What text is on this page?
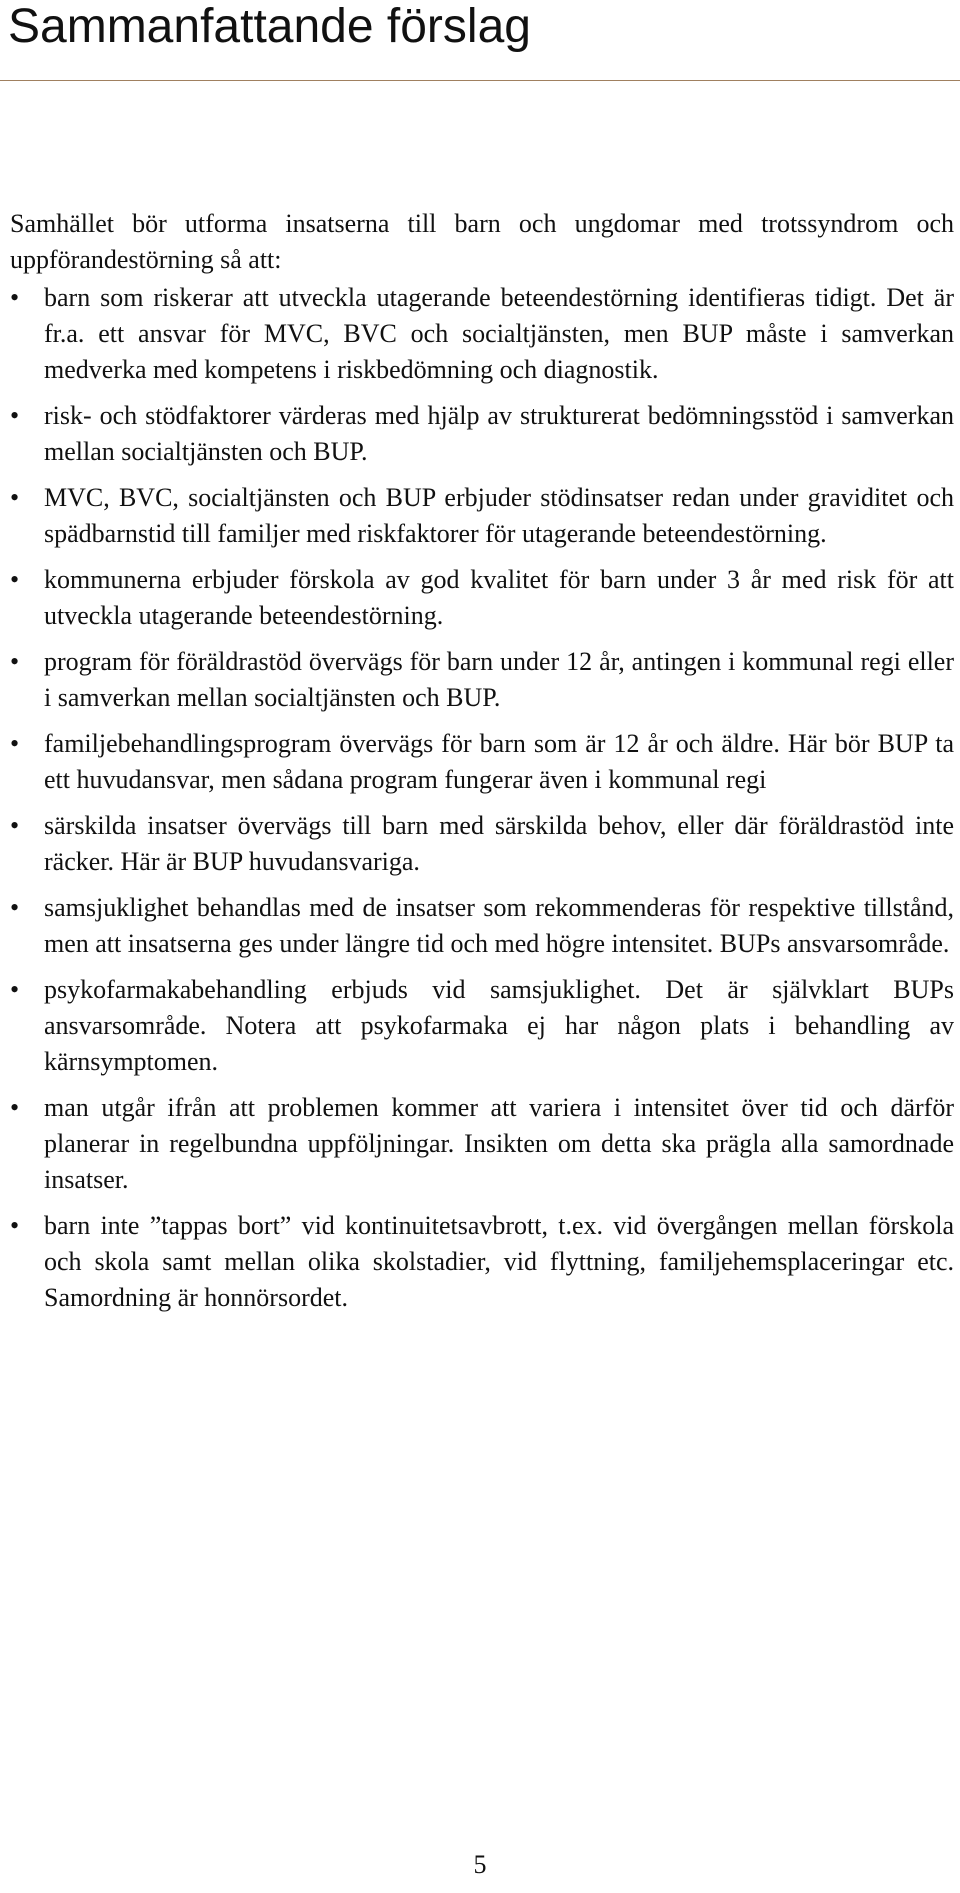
Sammanfattande förslag

Samhället bör utforma insatserna till barn och ungdomar med trotssyndrom och uppförandestörning så att:

• barn som riskerar att utveckla utagerande beteendestörning identifieras tidigt. Det är fr.a. ett ansvar för MVC, BVC och socialtjänsten, men BUP måste i samverkan medverka med kompetens i riskbedömning och diagnostik.
• risk- och stödfaktorer värderas med hjälp av strukturerat bedömningsstöd i samverkan mellan socialtjänsten och BUP.
• MVC, BVC, socialtjänsten och BUP erbjuder stödinsatser redan under graviditet och spädbarnstid till familjer med riskfaktorer för utagerande beteendestörning.
• kommunerna erbjuder förskola av god kvalitet för barn under 3 år med risk för att utveckla utagerande beteendestörning.
• program för föräldrastöd övervägs för barn under 12 år, antingen i kommunal regi eller i samverkan mellan socialtjänsten och BUP.
• familjebehandlingsprogram övervägs för barn som är 12 år och äldre. Här bör BUP ta ett huvudansvar, men sådana program fungerar även i kommunal regi
• särskilda insatser övervägs till barn med särskilda behov, eller där föräldrastöd inte räcker. Här är BUP huvudansvariga.
• samsjuklighet behandlas med de insatser som rekommenderas för respektive tillstånd, men att insatserna ges under längre tid och med högre intensitet. BUPs ansvarsområde.
• psykofarmakabehandling erbjuds vid samsjuklighet. Det är självklart BUPs ansvarsområde. Notera att psykofarmaka ej har någon plats i behandling av kärnsymptomen.
• man utgår ifrån att problemen kommer att variera i intensitet över tid och därför planerar in regelbundna uppföljningar. Insikten om detta ska prägla alla samordnade insatser.
• barn inte ”tappas bort” vid kontinuitetsavbrott, t.ex. vid övergången mellan förskola och skola samt mellan olika skolstadier, vid flyttning, familjehemsplaceringar etc. Samordning är honnörsordet.
5
